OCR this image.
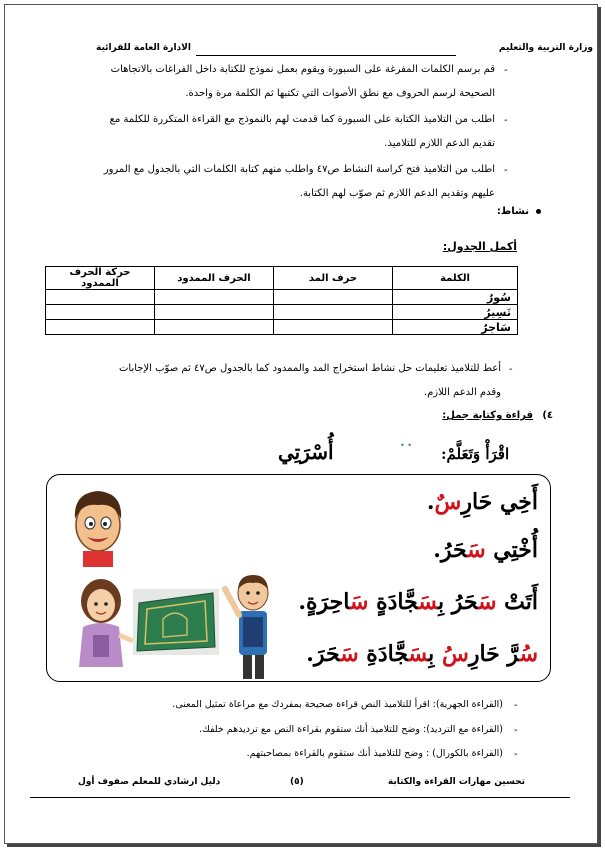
وزارة التربية والتعليم
الادارة العامة للقرائية
-
قم برسم الكلمات المفرغة على السبورة ويقوم بعمل نموذج للكتابة داخل الفراغات بالاتجاهات
الصحيحة لرسم الحروف مع نطق الأصوات التي تكتبها ثم الكلمة مرة واحدة.
-
اطلب من التلاميذ الكتابة على السبورة كما قدمت لهم بالنموذج مع القراءة المتكررة للكلمة مع
تقديم الدعم اللازم للتلاميذ.
-
اطلب من التلاميذ فتح كراسة النشاط ص٤٧ واطلب منهم كتابة الكلمات التي بالجدول مع المرور
عليهم وتقديم الدعم اللازم ثم صوّب لهم الكتابة.
نشاط:
أكمل الجدول:
الكلمة	حرف المد	الحرف الممدود	حركة الحرف الممدود
سُورٌ			
تَسِيرُ			
سَاجِرٌ			
-
أعط للتلاميذ تعليمات حل نشاط استخراج المد والممدود كما بالجدول ص٤٧ ثم صوّب الإجابات
وقدم الدعم اللازم.
٤)
قراءة وكتابة جمل:
اقْرَأْ وَتَعَلَّمْ:
• •
أُسْرَتِي
أَخِي حَارِسٌ.
أُخْتِي سَحَرُ.
أَتَتْ سَحَرُ بِسَجَّادَةٍ سَاحِرَةٍ.
سُرَّ حَارِسُ بِسَجَّادَةِ سَحَرَ.
-
(القراءة الجهرية): اقرأ للتلاميذ النص قراءة صحيحة بمفردك مع مراعاة تمثيل المعنى.
-
(القراءة مع الترديد): وضح للتلاميذ أنك ستقوم بقراءة النص مع ترديدهم خلفك.
-
(القراءة بالكورال) : وضح للتلاميذ أنك ستقوم بالقراءة بمصاحبتهم.
تحسين مهارات القراءة والكتابة
(٥)
دليل ارشادي للمعلم صفوف أول
